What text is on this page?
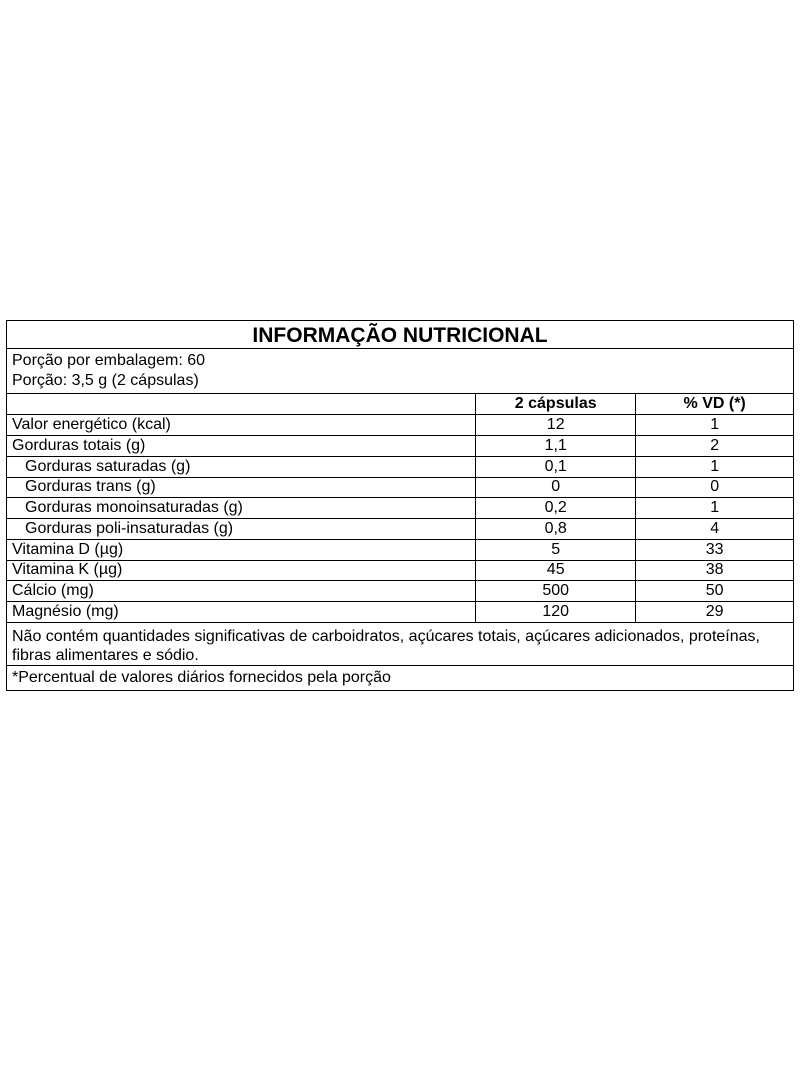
INFORMAÇÃO NUTRICIONAL
Porção por embalagem: 60
Porção: 3,5 g (2 cápsulas)
	2 cápsulas	% VD (*)
Valor energético (kcal)	12	1
Gorduras totais (g)	1,1	2
Gorduras saturadas (g)	0,1	1
Gorduras trans (g)	0	0
Gorduras monoinsaturadas (g)	0,2	1
Gorduras poli-insaturadas (g)	0,8	4
Vitamina D (µg)	5	33
Vitamina K (µg)	45	38
Cálcio (mg)	500	50
Magnésio (mg)	120	29
Não contém quantidades significativas de carboidratos, açúcares totais, açúcares adicionados, proteínas, fibras alimentares e sódio.
*Percentual de valores diários fornecidos pela porção
